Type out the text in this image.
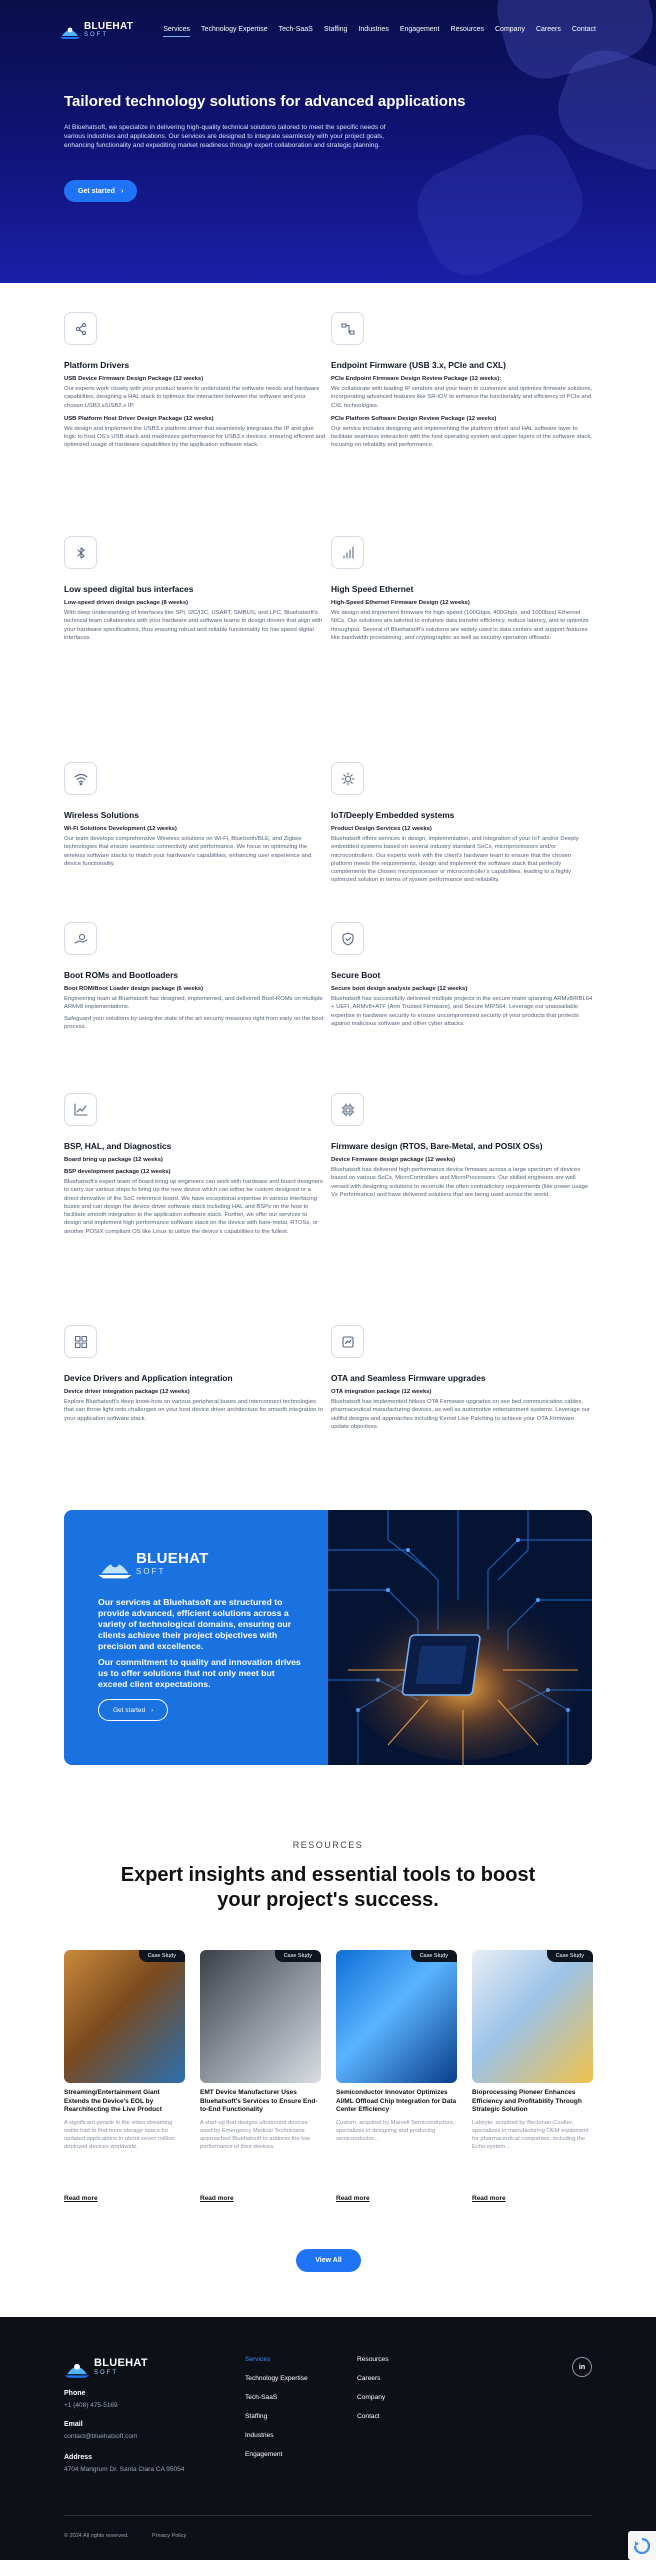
BLUEHAT
SOFT
Services Technology Expertise Tech-SaaS Staffing Industries Engagement Resources Company Careers Contact
Tailored technology solutions for advanced applications

At Bluehatsoft, we specialize in delivering high-quality technical solutions tailored to meet the specific needs of various industries and applications. Our services are designed to integrate seamlessly with your project goals, enhancing functionality and expediting market readiness through expert collaboration and strategic planning.

Get started ›
Platform Drivers
USB Device Firmware Design Package (12 weeks)

Our experts work closely with your product teams to understand the software needs and hardware capabilities, designing a HAL stack to optimize the interaction between the software and your chosen USB3.x/USB2.x IP.

USB Platform Host Driver Design Package (12 weeks)

We design and implement the USB3.x platform driver that seamlessly integrates the IP and glue logic to host OS's USB stack and maximizes performance for USB3.x devices, ensuring efficient and optimized usage of hardware capabilities by the application software stack.

Endpoint Firmware (USB 3.x, PCIe and CXL)
PCIe Endpoint Firmware Design Review Package (12 weeks):

We collaborate with leading IP vendors and your team to customize and optimize firmware solutions, incorporating advanced features like SR-IOV to enhance the functionality and efficiency of PCIe and CXL technologies.

PCIe Platform Software Design Review Package (12 weeks)

Our service includes designing and implementing the platform driver and HAL software layer to facilitate seamless interaction with the host operating system and upper layers of the software stack, focusing on reliability and performance.

Low speed digital bus interfaces
Low-speed driven design package (8 weeks)

With deep understanding of interfaces like SPI, I2C/I3C, USART, SMBUS, and LPC, Bluehatsoft's technical team collaborates with your hardware and software teams to design drivers that align with your hardware specifications, thus ensuring robust and reliable functionality for low speed digital interfaces.

High Speed Ethernet
High-Speed Ethernet Firmware Design (12 weeks)

We design and implement firmware for high-speed (100Gbps, 400Gbps, and 1000bps) Ethernet NICs. Our solutions are tailored to enhance data transfer efficiency, reduce latency, and to optimize throughput. Several of Bluehatsoft's solutions are widely used in data centers and support features like bandwidth provisioning, and cryptographic as well as security operation offloads.

Wireless Solutions
Wi-Fi Solutions Development (12 weeks)

Our team develops comprehensive Wireless solutions on Wi-Fi, Bluetooth/BLE, and Zigbee technologies that ensure seamless connectivity and performance. We focus on optimizing the wireless software stacks to match your hardware's capabilities, enhancing user experience and device functionality.

IoT/Deeply Embedded systems
Product Design Services (12 weeks)

Bluehatsoft offers services in design, implementation, and integration of your IoT and/or Deeply embedded systems based on several industry standard SoCs, microprocessors and/or microcontrollers. Our experts work with the client's hardware team to ensure that the chosen platform meets the requirements, design and implement the software stack that perfectly complements the chosen microprocessor or microcontroller's capabilities, leading to a highly optimized solution in terms of system performance and reliability.

Boot ROMs and Bootloaders
Boot ROM/Boot Loader design package (6 weeks)

Engineering team at Bluehatsoft has designed, implemented, and delivered Boot-ROMs on multiple ARMv8 implementations.

Safeguard your solutions by using the state of the art security measures right from early on the boot process.

Secure Boot
Secure boot design analysis package (12 weeks)

Bluehatsoft has successfully delivered multiple projects in the secure realm spanning ARMv8/RBL64 + UEFI, ARMv8+ATF (Arm Trusted Firmware), and Secure MIPS64. Leverage our unassailable expertise in hardware security to ensure uncompromised security of your products that protects against malicious software and other cyber attacks.

BSP, HAL, and Diagnostics
Board bring up package (12 weeks)
BSP development package (12 weeks)

Bluehatsoft's expert team of board bring up engineers can work with hardware and board designers to carry our various steps to bring up the new device which can either be custom designed or a direct derivative of the SoC reference board. We have exceptional expertise in various interfacing buses and can design the device driver software stack including HAL and BSPs on the host to facilitate smooth integration to the application software stack. Further, we offer our services to design and implement high performance software stack on the device with bare-metal, RTOSs, or another POSIX compliant OS like Linux to utilize the device's capabilities to the fullest.

Firmware design (RTOS, Bare-Metal, and POSIX OSs)
Device Firmware design package (12 weeks)

Bluehatsoft has delivered high performance device firmware across a large spectrum of devices based on various SoCs, MicroControllers and MicroProcessors. Our skilled engineers are well versed with designing solutions to reconcile the often contradictory requirements (like power usage Vs Performance) and have delivered solutions that are being used across the world.

Device Drivers and Application integration
Device driver integration package (12 weeks)

Explore Bluehatsoft's deep know-how on various peripheral buses and interconnect technologies that can throw light onto challenges on your host device driver architecture for smooth integration to your application software stack.

OTA and Seamless Firmware upgrades
OTA integration package (12 weeks)

Bluehatsoft has implemented hitless OTA Firmware upgrades on see bed communication cables, pharmaceutical manufacturing devices, as well as automotive entertainment systems. Leverage our skillful designs and approaches including Kernel Live Patching to achieve your OTA Firmware update objectives.

BLUEHAT
SOFT
Our services at Bluehatsoft are structured to provide advanced, efficient solutions across a variety of technological domains, ensuring our clients achieve their project objectives with precision and excellence.
Our commitment to quality and innovation drives us to offer solutions that not only meet but exceed client expectations.
Get started ›
RESOURCES
Expert insights and essential tools to boost your project's success.
Case Study
Streaming/Entertainment Giant Extends the Device's EOL by Rearchitecting the Live Product

A significant people in the video streaming realm had to find more storage space for updated applications in about seven million deployed devices worldwide.

Read more
Case Study
EMT Device Manufacturer Uses Bluehatsoft's Services to Ensure End-to-End Functionality

A start-up that designs ultrasound devices used by Emergency Medical Technicians approached Bluehatsoft to address the low performance of their devices.

Read more
Case Study
Semiconductor Innovator Optimizes AI/ML Offload Chip Integration for Data Center Efficiency

Custom, acquired by Marvell Semiconductors, specializes in designing and producing semiconductor...

Read more
Case Study
Bioprocessing Pioneer Enhances Efficiency and Profitability Through Strategic Solution

Labsyte, acquired by Beckman-Coulter, specializes in manufacturing OEM equipment for pharmaceutical companies, including the Echo system...

Read more
View All
BLUEHAT
SOFT
Phone
+1 (408) 475-5169
Email
contact@bluehatsoft.com
Address
4704 Mangrum Dr. Santa Clara CA 95054
Services
Technology Expertise
Tech-SaaS
Staffing
Industries
Engagement
Resources
Careers
Company
Contact
in
© 2024 All rights reserved.	Privacy Policy
